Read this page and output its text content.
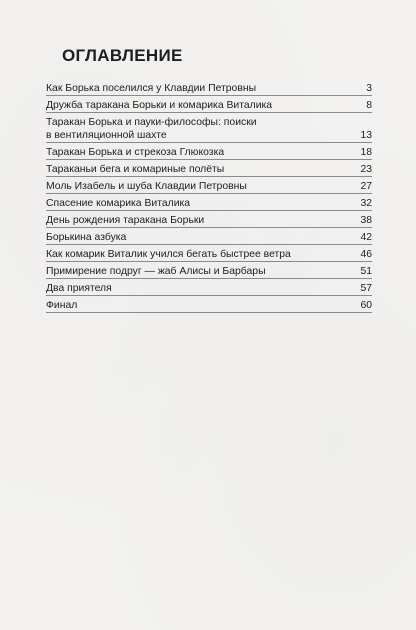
ОГЛАВЛЕНИЕ
Как Борька поселился у Клавдии Петровны	3
Дружба таракана Борьки и комарика Виталика	8
Таракан Борька и пауки-философы: поиски
в вентиляционной шахте	13
Таракан Борька и стрекоза Глюкозка	18
Тараканьи бега и комариные полёты	23
Моль Изабель и шуба Клавдии Петровны	27
Спасение комарика Виталика	32
День рождения таракана Борьки	38
Борькина азбука	42
Как комарик Виталик учился бегать быстрее ветра	46
Примирение подруг — жаб Алисы и Барбары	51
Два приятеля	57
Финал	60
